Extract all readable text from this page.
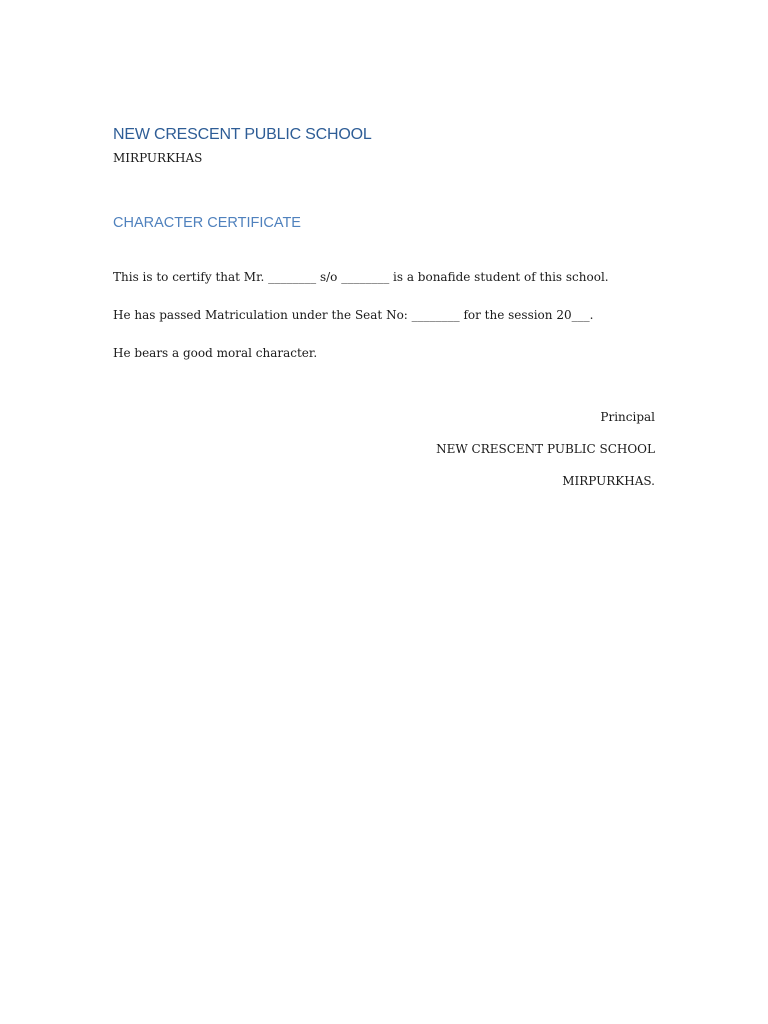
NEW CRESCENT PUBLIC SCHOOL
MIRPURKHAS
CHARACTER CERTIFICATE
This is to certify that Mr. ________ s/o ________ is a bonafide student of this school.
He has passed Matriculation under the Seat No: ________ for the session 20___.
He bears a good moral character.
Principal
NEW CRESCENT PUBLIC SCHOOL
MIRPURKHAS.
